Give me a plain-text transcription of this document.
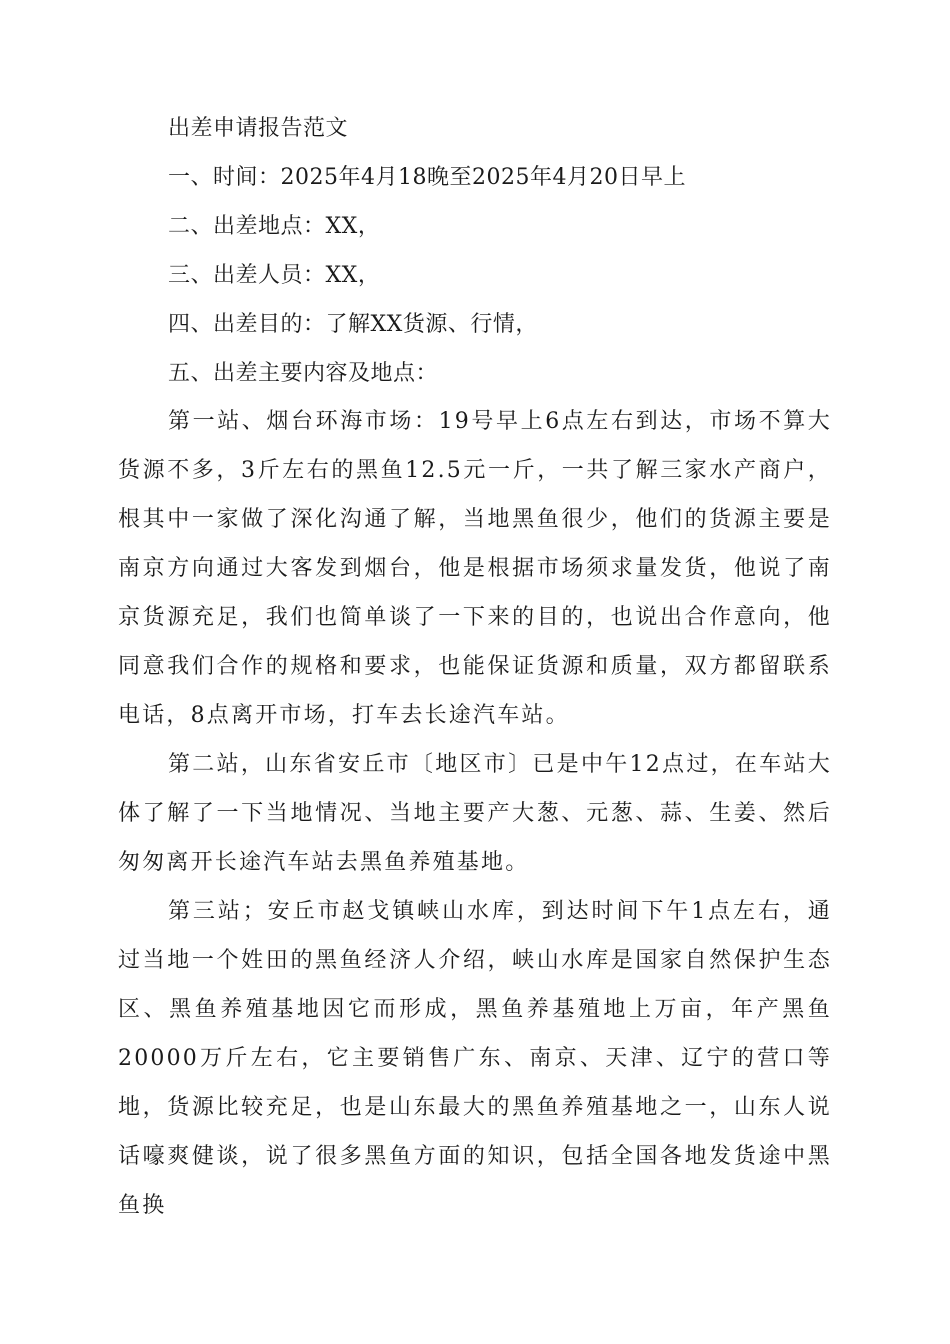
出差申请报告范文
一、时间：2025年4月18晚至2025年4月20日早上
二、出差地点：XX，
三、出差人员：XX，
四、出差目的：了解XX货源、行情，
五、出差主要内容及地点：

第一站、烟台环海市场：19号早上6点左右到达，市场不算大货源不多，3斤左右的黑鱼12.5元一斤，一共了解三家水产商户，根其中一家做了深化沟通了解，当地黑鱼很少，他们的货源主要是南京方向通过大客发到烟台，他是根据市场须求量发货，他说了南京货源充足，我们也简单谈了一下来的目的，也说出合作意向，他同意我们合作的规格和要求，也能保证货源和质量，双方都留联系电话，8点离开市场，打车去长途汽车站。

第二站，山东省安丘市〔地区市〕已是中午12点过，在车站大体了解了一下当地情况、当地主要产大葱、元葱、蒜、生姜、然后匆匆离开长途汽车站去黑鱼养殖基地。

第三站；安丘市赵戈镇峡山水库，到达时间下午1点左右，通过当地一个姓田的黑鱼经济人介绍，峡山水库是国家自然保护生态区、黑鱼养殖基地因它而形成，黑鱼养基殖地上万亩，年产黑鱼20000万斤左右，它主要销售广东、南京、天津、辽宁的营口等地，货源比较充足，也是山东最大的黑鱼养殖基地之一，山东人说话嚎爽健谈，说了很多黑鱼方面的知识，包括全国各地发货途中黑鱼换
